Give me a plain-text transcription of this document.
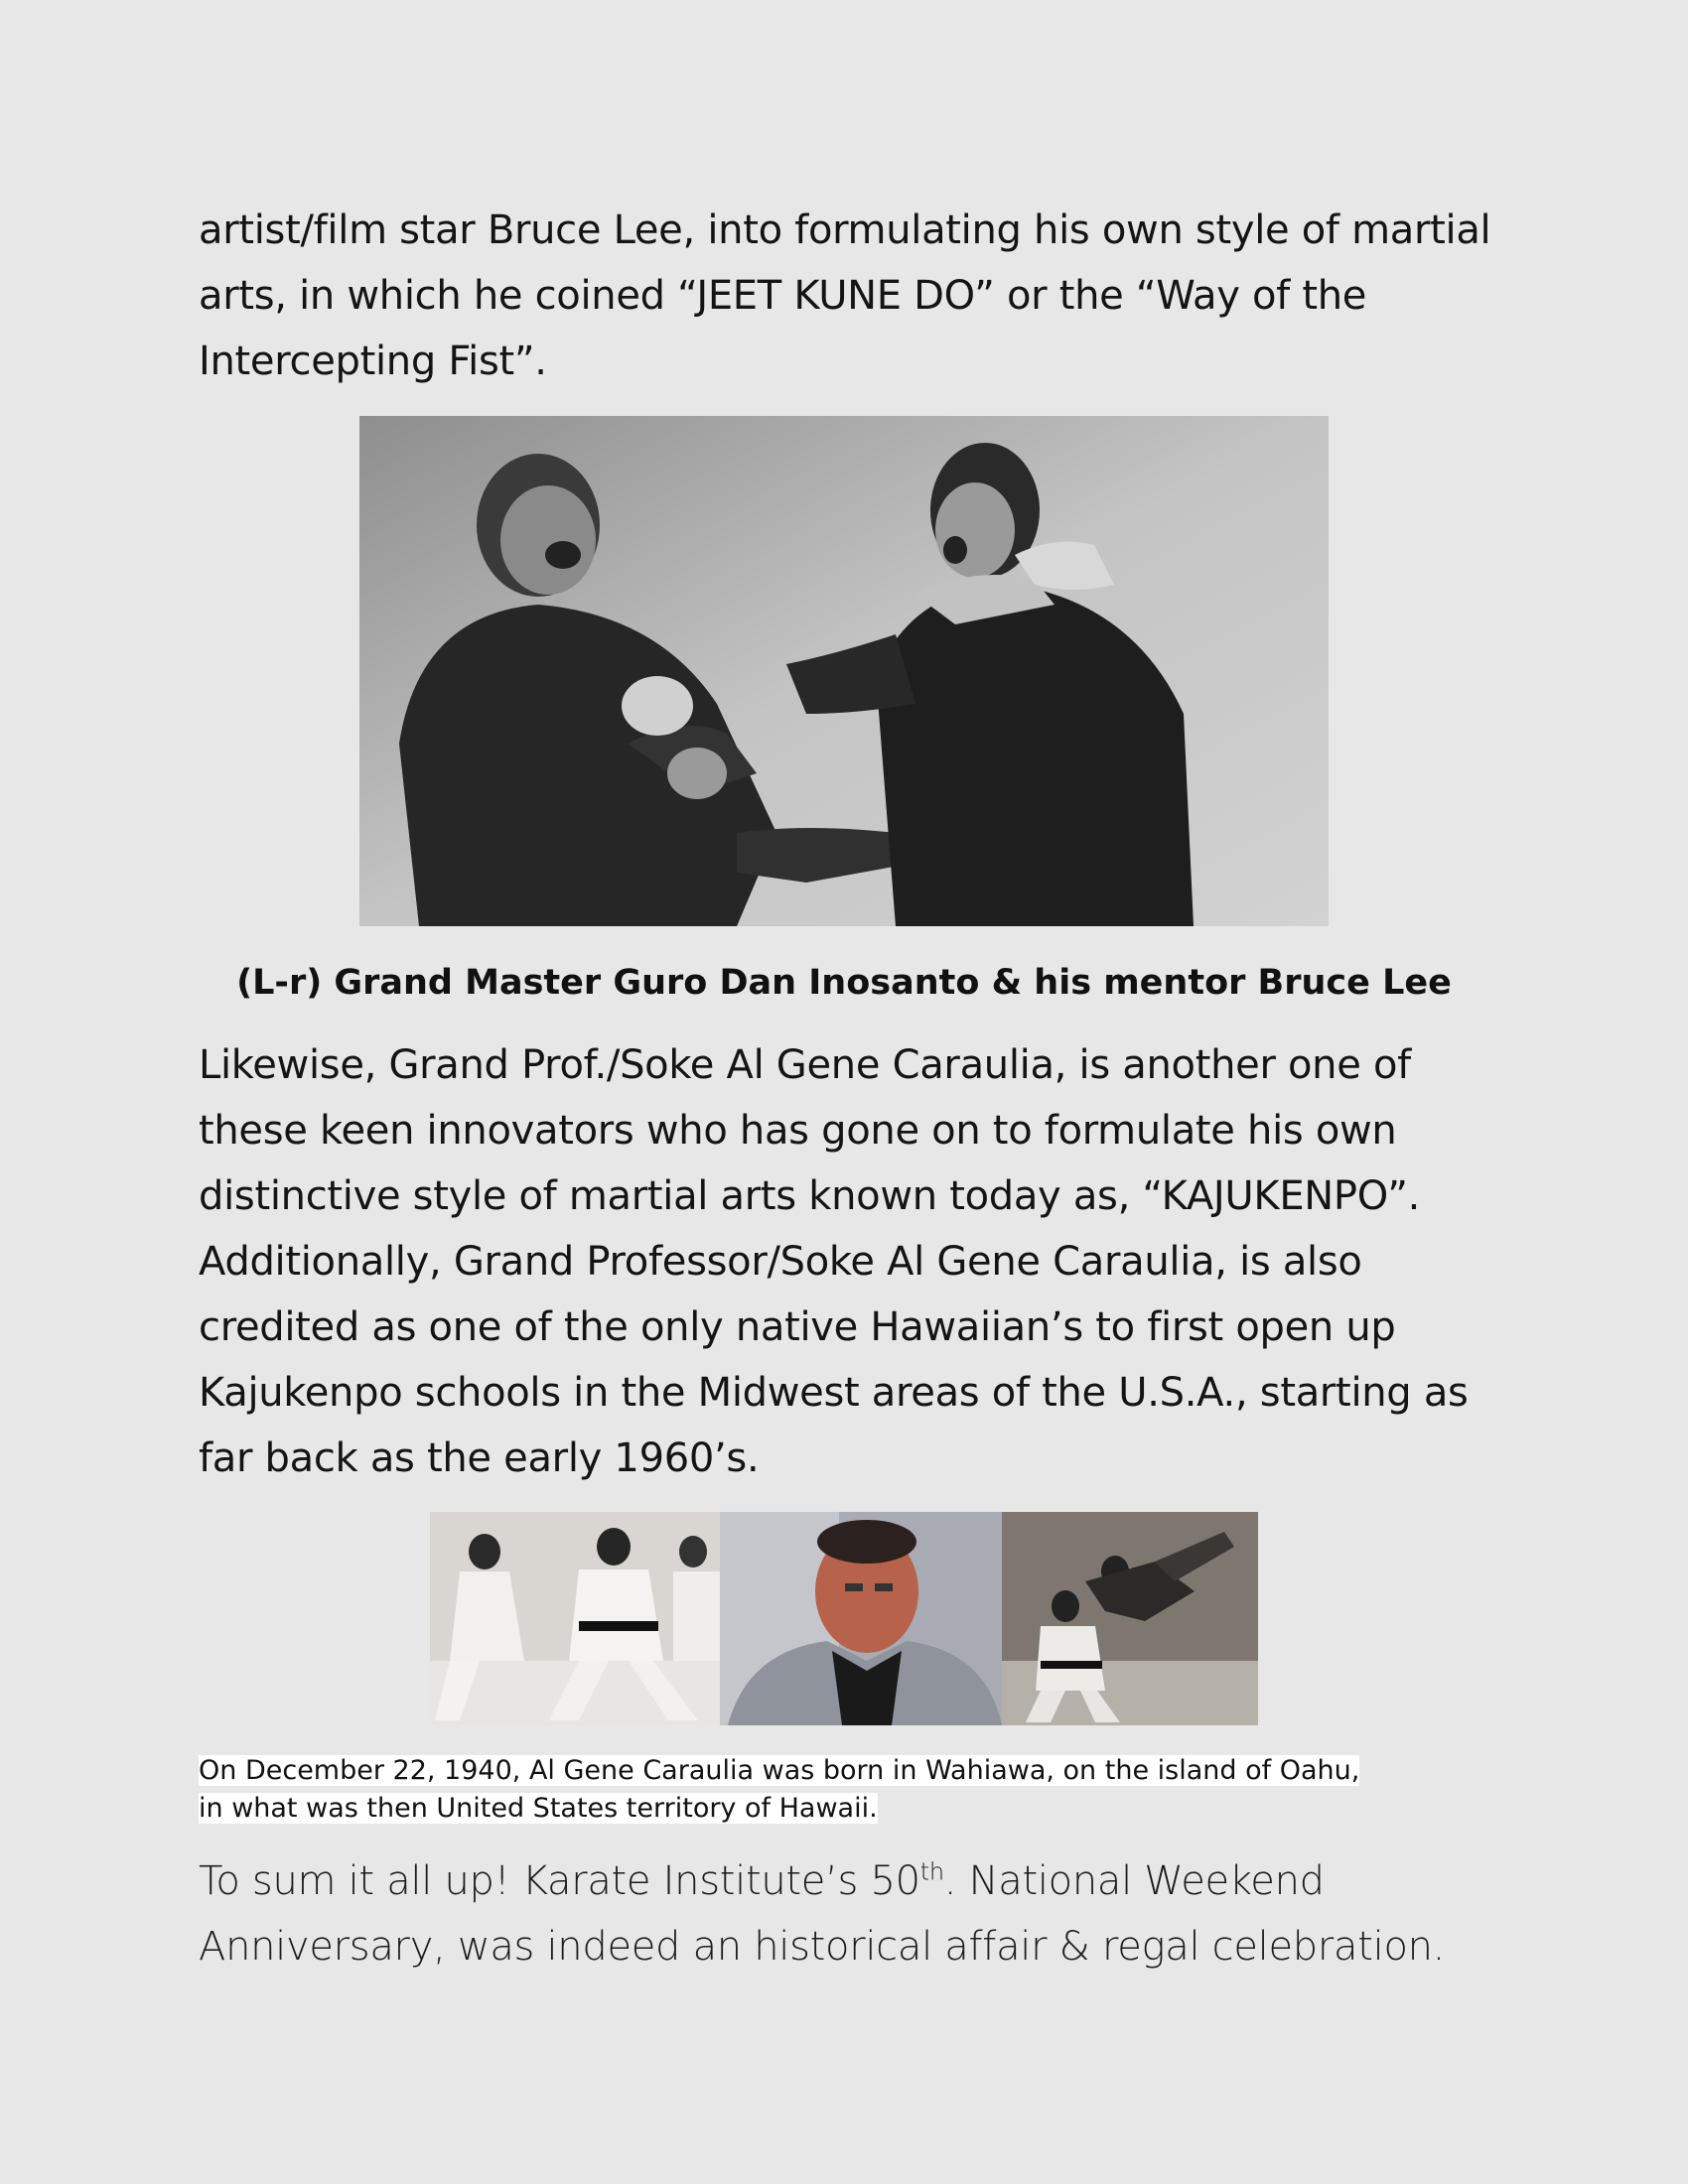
artist/film star Bruce Lee, into formulating his own style of martial arts, in which he coined “JEET KUNE DO” or the “Way of the Intercepting Fist”.

(L-r) Grand Master Guro Dan Inosanto & his mentor Bruce Lee

Likewise, Grand Prof./Soke Al Gene Caraulia, is another one of these keen innovators who has gone on to formulate his own distinctive style of martial arts known today as, “KAJUKENPO”. Additionally, Grand Professor/Soke Al Gene Caraulia, is also credited as one of the only native Hawaiian’s to first open up Kajukenpo schools in the Midwest areas of the U.S.A., starting as far back as the early 1960’s.

On December 22, 1940, Al Gene Caraulia was born in Wahiawa, on the island of Oahu,
in what was then United States territory of Hawaii.

To sum it all up! Karate Institute’s 50th. National Weekend Anniversary, was indeed an historical affair & regal celebration.
